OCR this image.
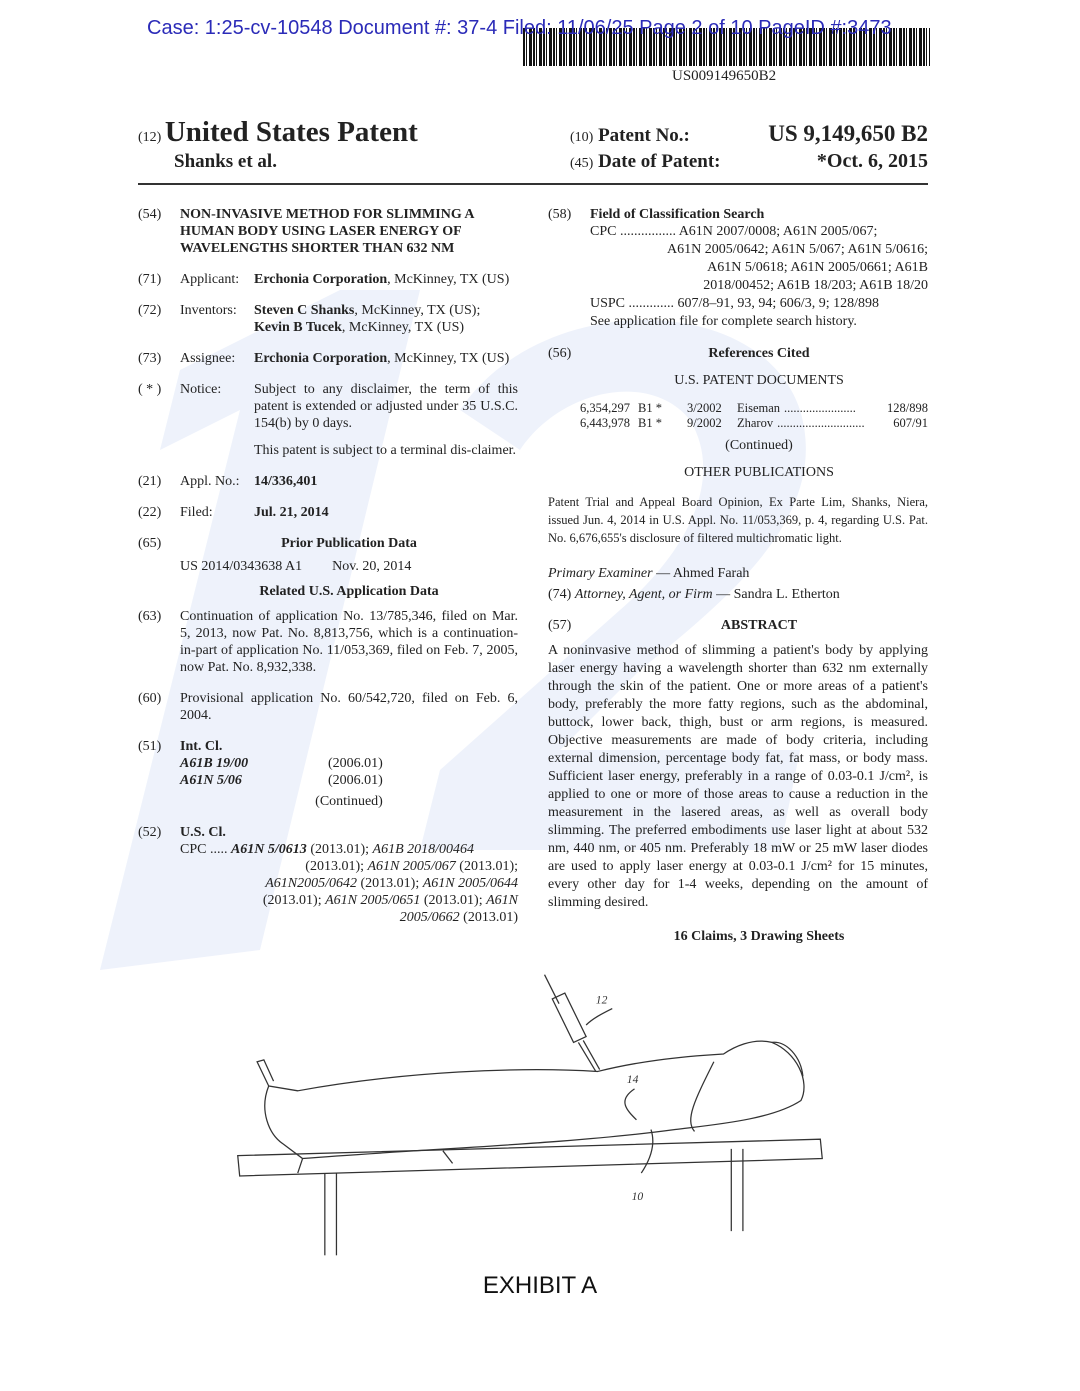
Case: 1:25-cv-10548 Document #: 37-4 Filed: 11/06/25 Page 2 of 10 PageID #:3473
US009149650B2
(12) United States Patent	(10) Patent No.:	US 9,149,650 B2
Shanks et al.	(45) Date of Patent:	*Oct. 6, 2015
(54) NON-INVASIVE METHOD FOR SLIMMING A HUMAN BODY USING LASER ENERGY OF WAVELENGTHS SHORTER THAN 632 NM
(71) Applicant:	Erchonia Corporation, McKinney, TX (US)
(72) Inventors:	Steven C Shanks, McKinney, TX (US);
Kevin B Tucek, McKinney, TX (US)
(73) Assignee:	Erchonia Corporation, McKinney, TX (US)
( * ) Notice:	Subject to any disclaimer, the term of this patent is extended or adjusted under 35 U.S.C. 154(b) by 0 days.
This patent is subject to a terminal dis-claimer.
(21) Appl. No.:	14/336,401
(22) Filed:	Jul. 21, 2014
(65)	Prior Publication Data
US 2014/0343638 A1 Nov. 20, 2014
Related U.S. Application Data
(63) Continuation of application No. 13/785,346, filed on Mar. 5, 2013, now Pat. No. 8,813,756, which is a continuation-in-part of application No. 11/053,369, filed on Feb. 7, 2005, now Pat. No. 8,932,338.
(60) Provisional application No. 60/542,720, filed on Feb. 6, 2004.
(51) Int. Cl.
A61B 19/00	(2006.01)
A61N 5/06	(2006.01)
(Continued)
(52) U.S. Cl.
CPC ..... A61N 5/0613 (2013.01); A61B 2018/00464
(2013.01); A61N 2005/067 (2013.01);
A61N2005/0642 (2013.01); A61N 2005/0644
(2013.01); A61N 2005/0651 (2013.01); A61N
2005/0662 (2013.01)
(58) Field of Classification Search
CPC ................ A61N 2007/0008; A61N 2005/067;
A61N 2005/0642; A61N 5/067; A61N 5/0616;
A61N 5/0618; A61N 2005/0661; A61B
2018/00452; A61B 18/203; A61B 18/20
USPC ............. 607/8–91, 93, 94; 606/3, 9; 128/898
See application file for complete search history.
(56)	References Cited
U.S. PATENT DOCUMENTS
6,354,297 B1 *	3/2002	Eiseman .......................	128/898
6,443,978 B1 *	9/2002	Zharov ............................	607/91
(Continued)
OTHER PUBLICATIONS
Patent Trial and Appeal Board Opinion, Ex Parte Lim, Shanks, Niera, issued Jun. 4, 2014 in U.S. Appl. No. 11/053,369, p. 4, regarding U.S. Pat. No. 6,676,655's disclosure of filtered multichromatic light.
Primary Examiner — Ahmed Farah
(74) Attorney, Agent, or Firm — Sandra L. Etherton
(57)	ABSTRACT
A noninvasive method of slimming a patient's body by applying laser energy having a wavelength shorter than 632 nm externally through the skin of the patient. One or more areas of a patient's body, preferably the more fatty regions, such as the abdominal, buttock, lower back, thigh, bust or arm regions, is measured. Objective measurements are made of body criteria, including external dimension, percentage body fat, fat mass, or body mass. Sufficient laser energy, preferably in a range of 0.03-0.1 J/cm², is applied to one or more of those areas to cause a reduction in the measurement in the lasered areas, as well as overall body slimming. The preferred embodiments use laser light at about 532 nm, 440 nm, or 405 nm. Preferably 18 mW or 25 mW laser diodes are used to apply laser energy at 0.03-0.1 J/cm² for 15 minutes, every other day for 1-4 weeks, depending on the amount of slimming desired.
16 Claims, 3 Drawing Sheets
12
14
10
EXHIBIT A
